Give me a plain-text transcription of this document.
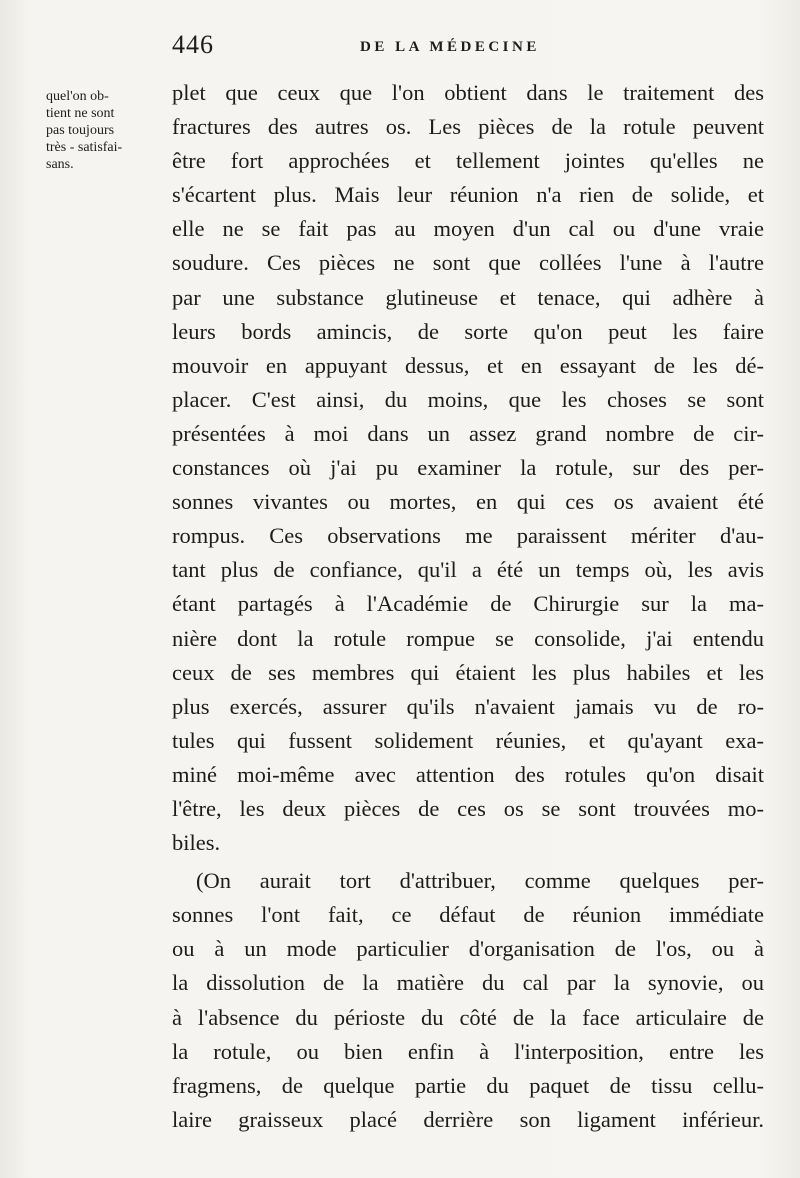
446	DE LA MÉDECINE
quel'on ob-
tient ne sont
pas toujours
très - satisfai-
sans.
plet que ceux que l'on obtient dans le traitement des
fractures des autres os. Les pièces de la rotule peuvent
être fort approchées et tellement jointes qu'elles ne
s'écartent plus. Mais leur réunion n'a rien de solide, et
elle ne se fait pas au moyen d'un cal ou d'une vraie
soudure. Ces pièces ne sont que collées l'une à l'autre
par une substance glutineuse et tenace, qui adhère à
leurs bords amincis, de sorte qu'on peut les faire
mouvoir en appuyant dessus, et en essayant de les dé-
placer. C'est ainsi, du moins, que les choses se sont
présentées à moi dans un assez grand nombre de cir-
constances où j'ai pu examiner la rotule, sur des per-
sonnes vivantes ou mortes, en qui ces os avaient été
rompus. Ces observations me paraissent mériter d'au-
tant plus de confiance, qu'il a été un temps où, les avis
étant partagés à l'Académie de Chirurgie sur la ma-
nière dont la rotule rompue se consolide, j'ai entendu
ceux de ses membres qui étaient les plus habiles et les
plus exercés, assurer qu'ils n'avaient jamais vu de ro-
tules qui fussent solidement réunies, et qu'ayant exa-
miné moi-même avec attention des rotules qu'on disait
l'être, les deux pièces de ces os se sont trouvées mo-
biles.
(On aurait tort d'attribuer, comme quelques per-
sonnes l'ont fait, ce défaut de réunion immédiate
ou à un mode particulier d'organisation de l'os, ou à
la dissolution de la matière du cal par la synovie, ou
à l'absence du périoste du côté de la face articulaire de
la rotule, ou bien enfin à l'interposition, entre les
fragmens, de quelque partie du paquet de tissu cellu-
laire graisseux placé derrière son ligament inférieur.
